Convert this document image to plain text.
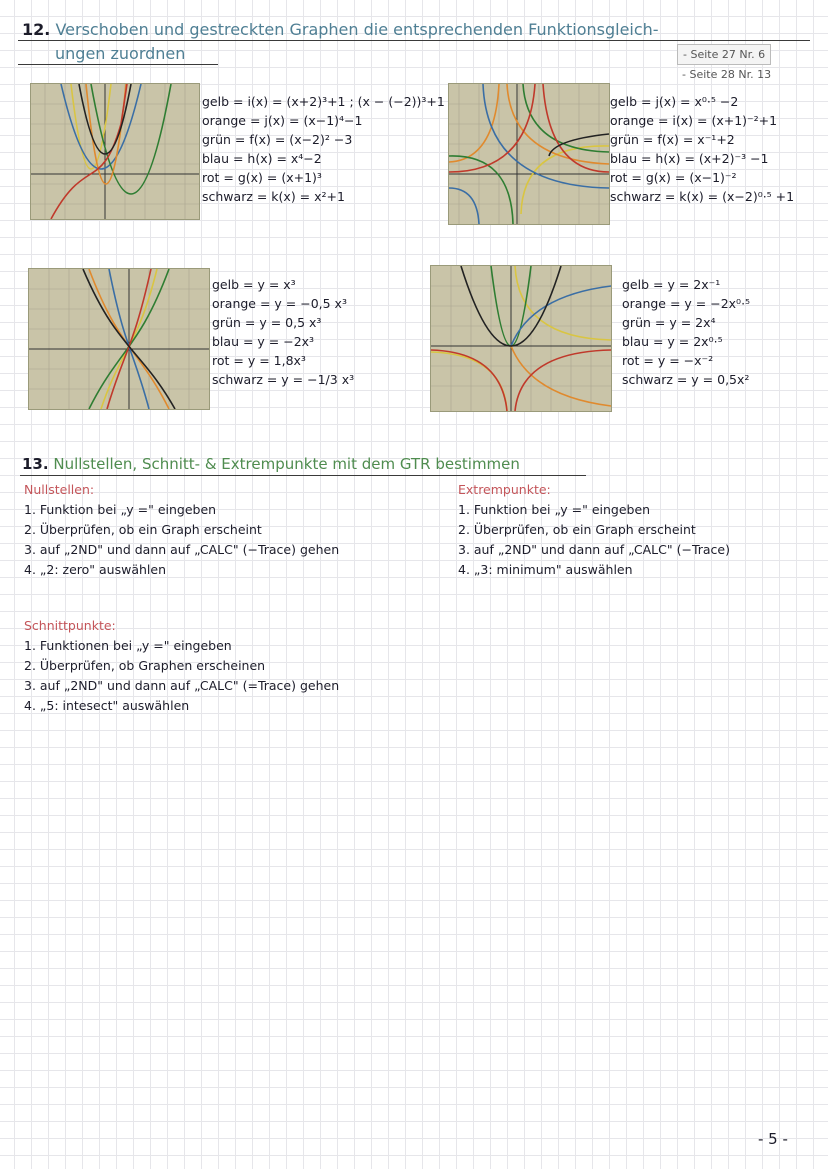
12. Verschoben und gestreckten Graphen die entsprechenden Funktionsgleich-
ungen zuordnen	- Seite 27 Nr. 6
- Seite 28 Nr. 13
gelb = i(x) = (x+2)³+1 ; (x − (−2))³+1
orange = j(x) = (x−1)⁴−1
grün = f(x) = (x−2)² −3
blau = h(x) = x⁴−2
rot = g(x) = (x+1)³
schwarz = k(x) = x²+1
gelb = j(x) = x⁰·⁵ −2
orange = i(x) = (x+1)⁻²+1
grün = f(x) = x⁻¹+2
blau = h(x) = (x+2)⁻³ −1
rot = g(x) = (x−1)⁻²
schwarz = k(x) = (x−2)⁰·⁵ +1
gelb = y = x³
orange = y = −0,5 x³
grün = y = 0,5 x³
blau = y = −2x³
rot = y = 1,8x³
schwarz = y = −1/3 x³
gelb = y = 2x⁻¹
orange = y = −2x⁰·⁵
grün = y = 2x⁴
blau = y = 2x⁰·⁵
rot = y = −x⁻²
schwarz = y = 0,5x²
13. Nullstellen, Schnitt- & Extrempunkte mit dem GTR bestimmen
Nullstellen:
1. Funktion bei „y =" eingeben
2. Überprüfen, ob ein Graph erscheint
3. auf „2ND" und dann auf „CALC" (−Trace) gehen
4. „2: zero" auswählen
Extrempunkte:
1. Funktion bei „y =" eingeben
2. Überprüfen, ob ein Graph erscheint
3. auf „2ND" und dann auf „CALC" (−Trace)
4. „3: minimum" auswählen
Schnittpunkte:
1. Funktionen bei „y =" eingeben
2. Überprüfen, ob Graphen erscheinen
3. auf „2ND" und dann auf „CALC" (=Trace) gehen
4. „5: intesect" auswählen
- 5 -
